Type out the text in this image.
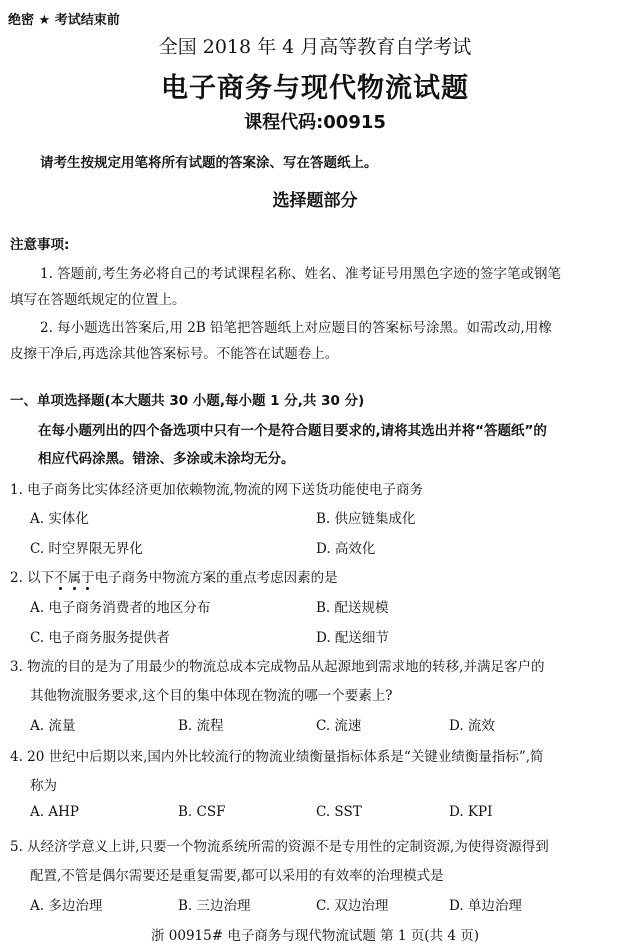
绝密 ★ 考试结束前
全国 2018 年 4 月高等教育自学考试
电子商务与现代物流试题
课程代码:00915
请考生按规定用笔将所有试题的答案涂、写在答题纸上。
选择题部分
注意事项:
1. 答题前,考生务必将自己的考试课程名称、姓名、准考证号用黑色字迹的签字笔或钢笔
填写在答题纸规定的位置上。
2. 每小题选出答案后,用 2B 铅笔把答题纸上对应题目的答案标号涂黑。如需改动,用橡
皮擦干净后,再选涂其他答案标号。不能答在试题卷上。
一、单项选择题(本大题共 30 小题,每小题 1 分,共 30 分)
在每小题列出的四个备选项中只有一个是符合题目要求的,请将其选出并将“答题纸”的
相应代码涂黑。错涂、多涂或未涂均无分。
1. 电子商务比实体经济更加依赖物流,物流的网下送货功能使电子商务
A. 实体化	B. 供应链集成化
C. 时空界限无界化	D. 高效化
2. 以下不属于电子商务中物流方案的重点考虑因素的是
A. 电子商务消费者的地区分布	B. 配送规模
C. 电子商务服务提供者	D. 配送细节
3. 物流的目的是为了用最少的物流总成本完成物品从起源地到需求地的转移,并满足客户的
其他物流服务要求,这个目的集中体现在物流的哪一个要素上?
A. 流量	B. 流程	C. 流速	D. 流效
4. 20 世纪中后期以来,国内外比较流行的物流业绩衡量指标体系是“关键业绩衡量指标”,简
称为
A. AHP	B. CSF	C. SST	D. KPI
5. 从经济学意义上讲,只要一个物流系统所需的资源不是专用性的定制资源,为使得资源得到
配置,不管是偶尔需要还是重复需要,都可以采用的有效率的治理模式是
A. 多边治理	B. 三边治理	C. 双边治理	D. 单边治理
浙 00915# 电子商务与现代物流试题 第 1 页(共 4 页)
